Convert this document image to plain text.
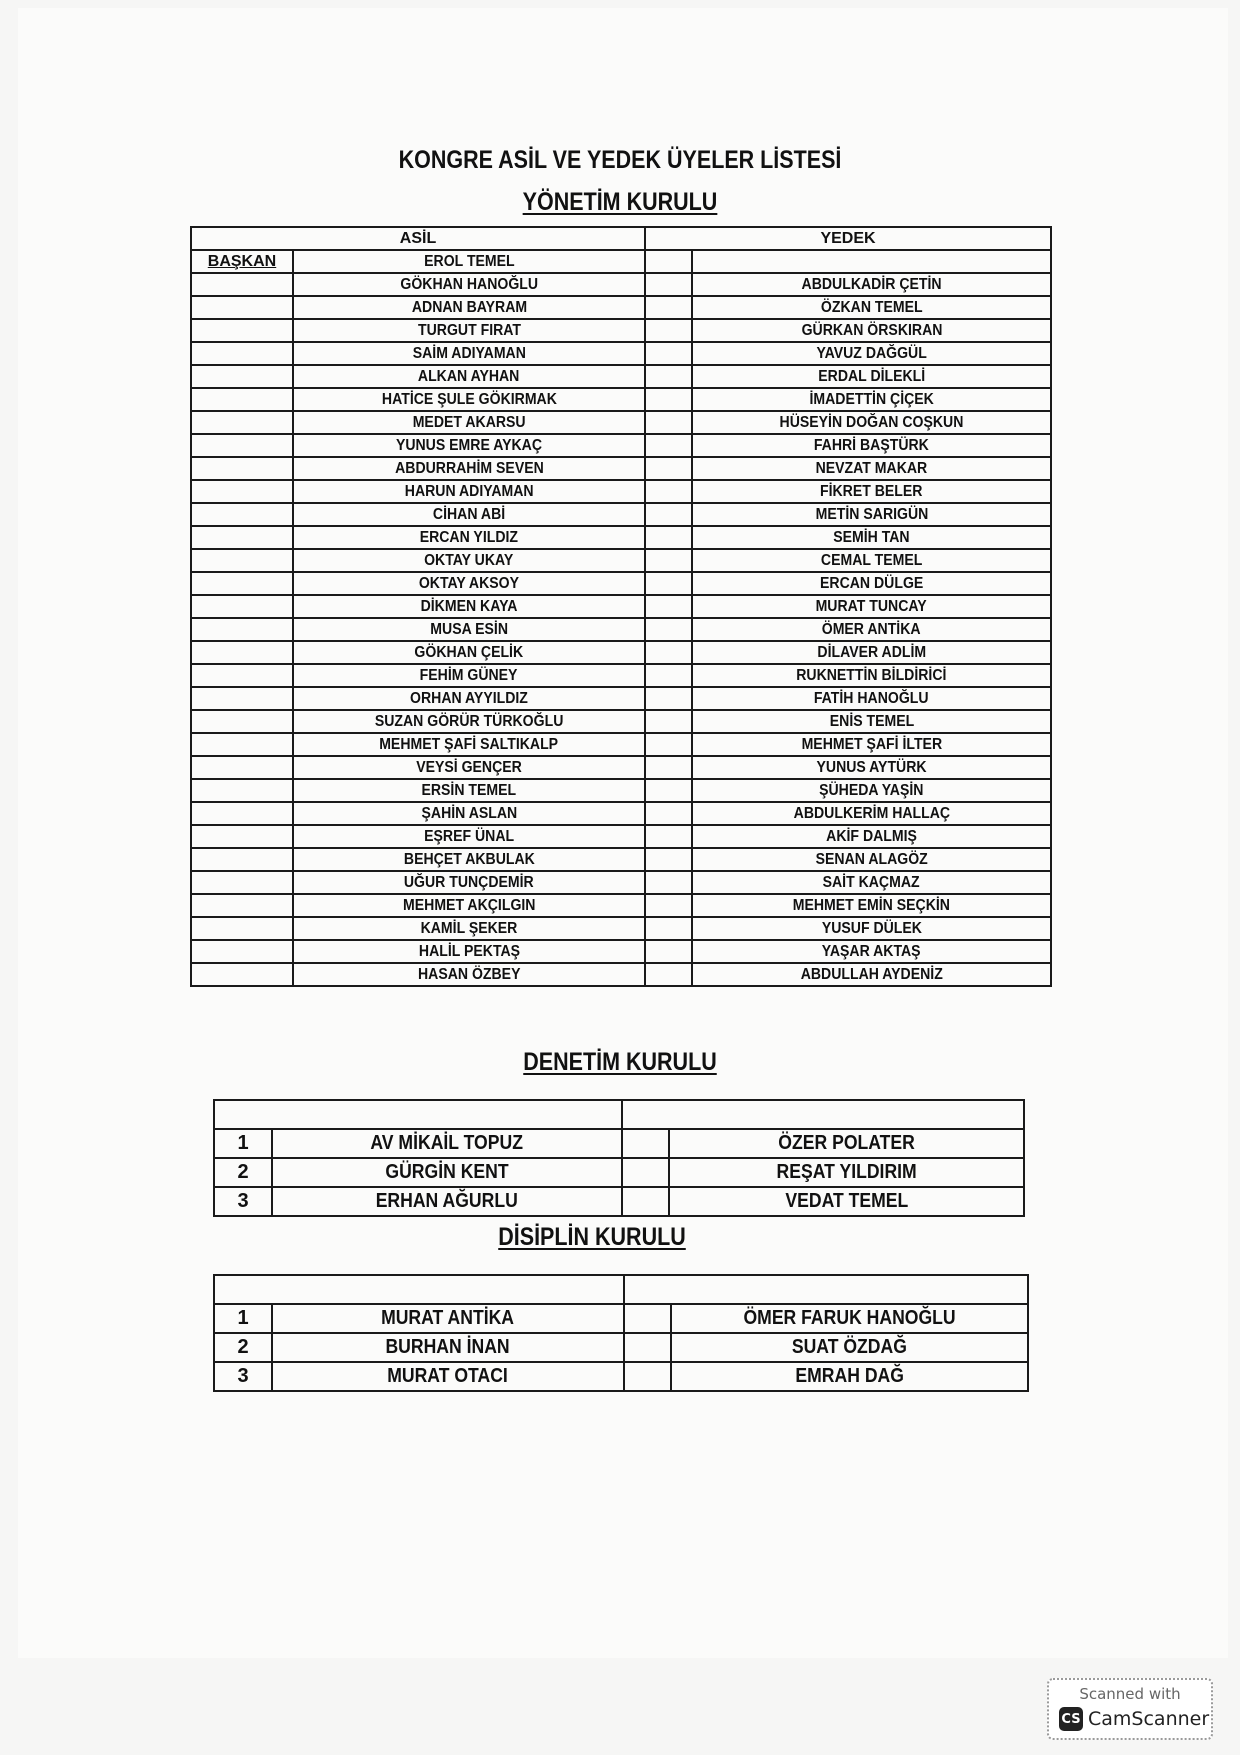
KONGRE ASİL VE YEDEK ÜYELER LİSTESİ
YÖNETİM KURULU
ASİL		YEDEK	
BAŞKAN	EROL TEMEL		
	GÖKHAN HANOĞLU		ABDULKADİR ÇETİN
	ADNAN BAYRAM		ÖZKAN TEMEL
	TURGUT FIRAT		GÜRKAN ÖRSKIRAN
	SAİM ADIYAMAN		YAVUZ DAĞGÜL
	ALKAN AYHAN		ERDAL DİLEKLİ
	HATİCE ŞULE GÖKIRMAK		İMADETTİN ÇİÇEK
	MEDET AKARSU		HÜSEYİN DOĞAN COŞKUN
	YUNUS EMRE AYKAÇ		FAHRİ BAŞTÜRK
	ABDURRAHİM SEVEN		NEVZAT MAKAR
	HARUN ADIYAMAN		FİKRET BELER
	CİHAN ABİ		METİN SARIGÜN
	ERCAN YILDIZ		SEMİH TAN
	OKTAY UKAY		CEMAL TEMEL
	OKTAY AKSOY		ERCAN DÜLGE
	DİKMEN KAYA		MURAT TUNCAY
	MUSA ESİN		ÖMER ANTİKA
	GÖKHAN ÇELİK		DİLAVER ADLİM
	FEHİM GÜNEY		RUKNETTİN BİLDİRİCİ
	ORHAN AYYILDIZ		FATİH HANOĞLU
	SUZAN GÖRÜR TÜRKOĞLU		ENİS TEMEL
	MEHMET ŞAFİ SALTIKALP		MEHMET ŞAFİ İLTER
	VEYSİ GENÇER		YUNUS AYTÜRK
	ERSİN TEMEL		ŞÜHEDA YAŞİN
	ŞAHİN ASLAN		ABDULKERİM HALLAÇ
	EŞREF ÜNAL		AKİF DALMIŞ
	BEHÇET AKBULAK		SENAN ALAGÖZ
	UĞUR TUNÇDEMİR		SAİT KAÇMAZ
	MEHMET AKÇILGIN		MEHMET EMİN SEÇKİN
	KAMİL ŞEKER		YUSUF DÜLEK
	HALİL PEKTAŞ		YAŞAR AKTAŞ
	HASAN ÖZBEY		ABDULLAH AYDENİZ
DENETİM KURULU

1	AV MİKAİL TOPUZ		ÖZER POLATER
2	GÜRGİN KENT		REŞAT YILDIRIM
3	ERHAN AĞURLU		VEDAT TEMEL
DİSİPLİN KURULU

1	MURAT ANTİKA		ÖMER FARUK HANOĞLU
2	BURHAN İNAN		SUAT ÖZDAĞ
3	MURAT OTACI		EMRAH DAĞ
Scanned with
CS CamScanner
